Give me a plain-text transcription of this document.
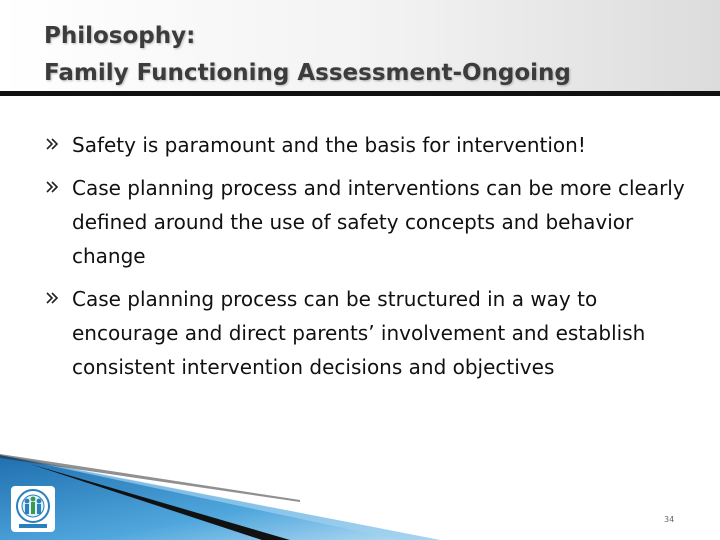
Philosophy:
Family Functioning Assessment-Ongoing
Safety is paramount and the basis for intervention!
Case planning process and interventions can be more clearly defined around the use of safety concepts and behavior change
Case planning process can be structured in a way to encourage and direct parents’ involvement and establish consistent intervention decisions and objectives
34
